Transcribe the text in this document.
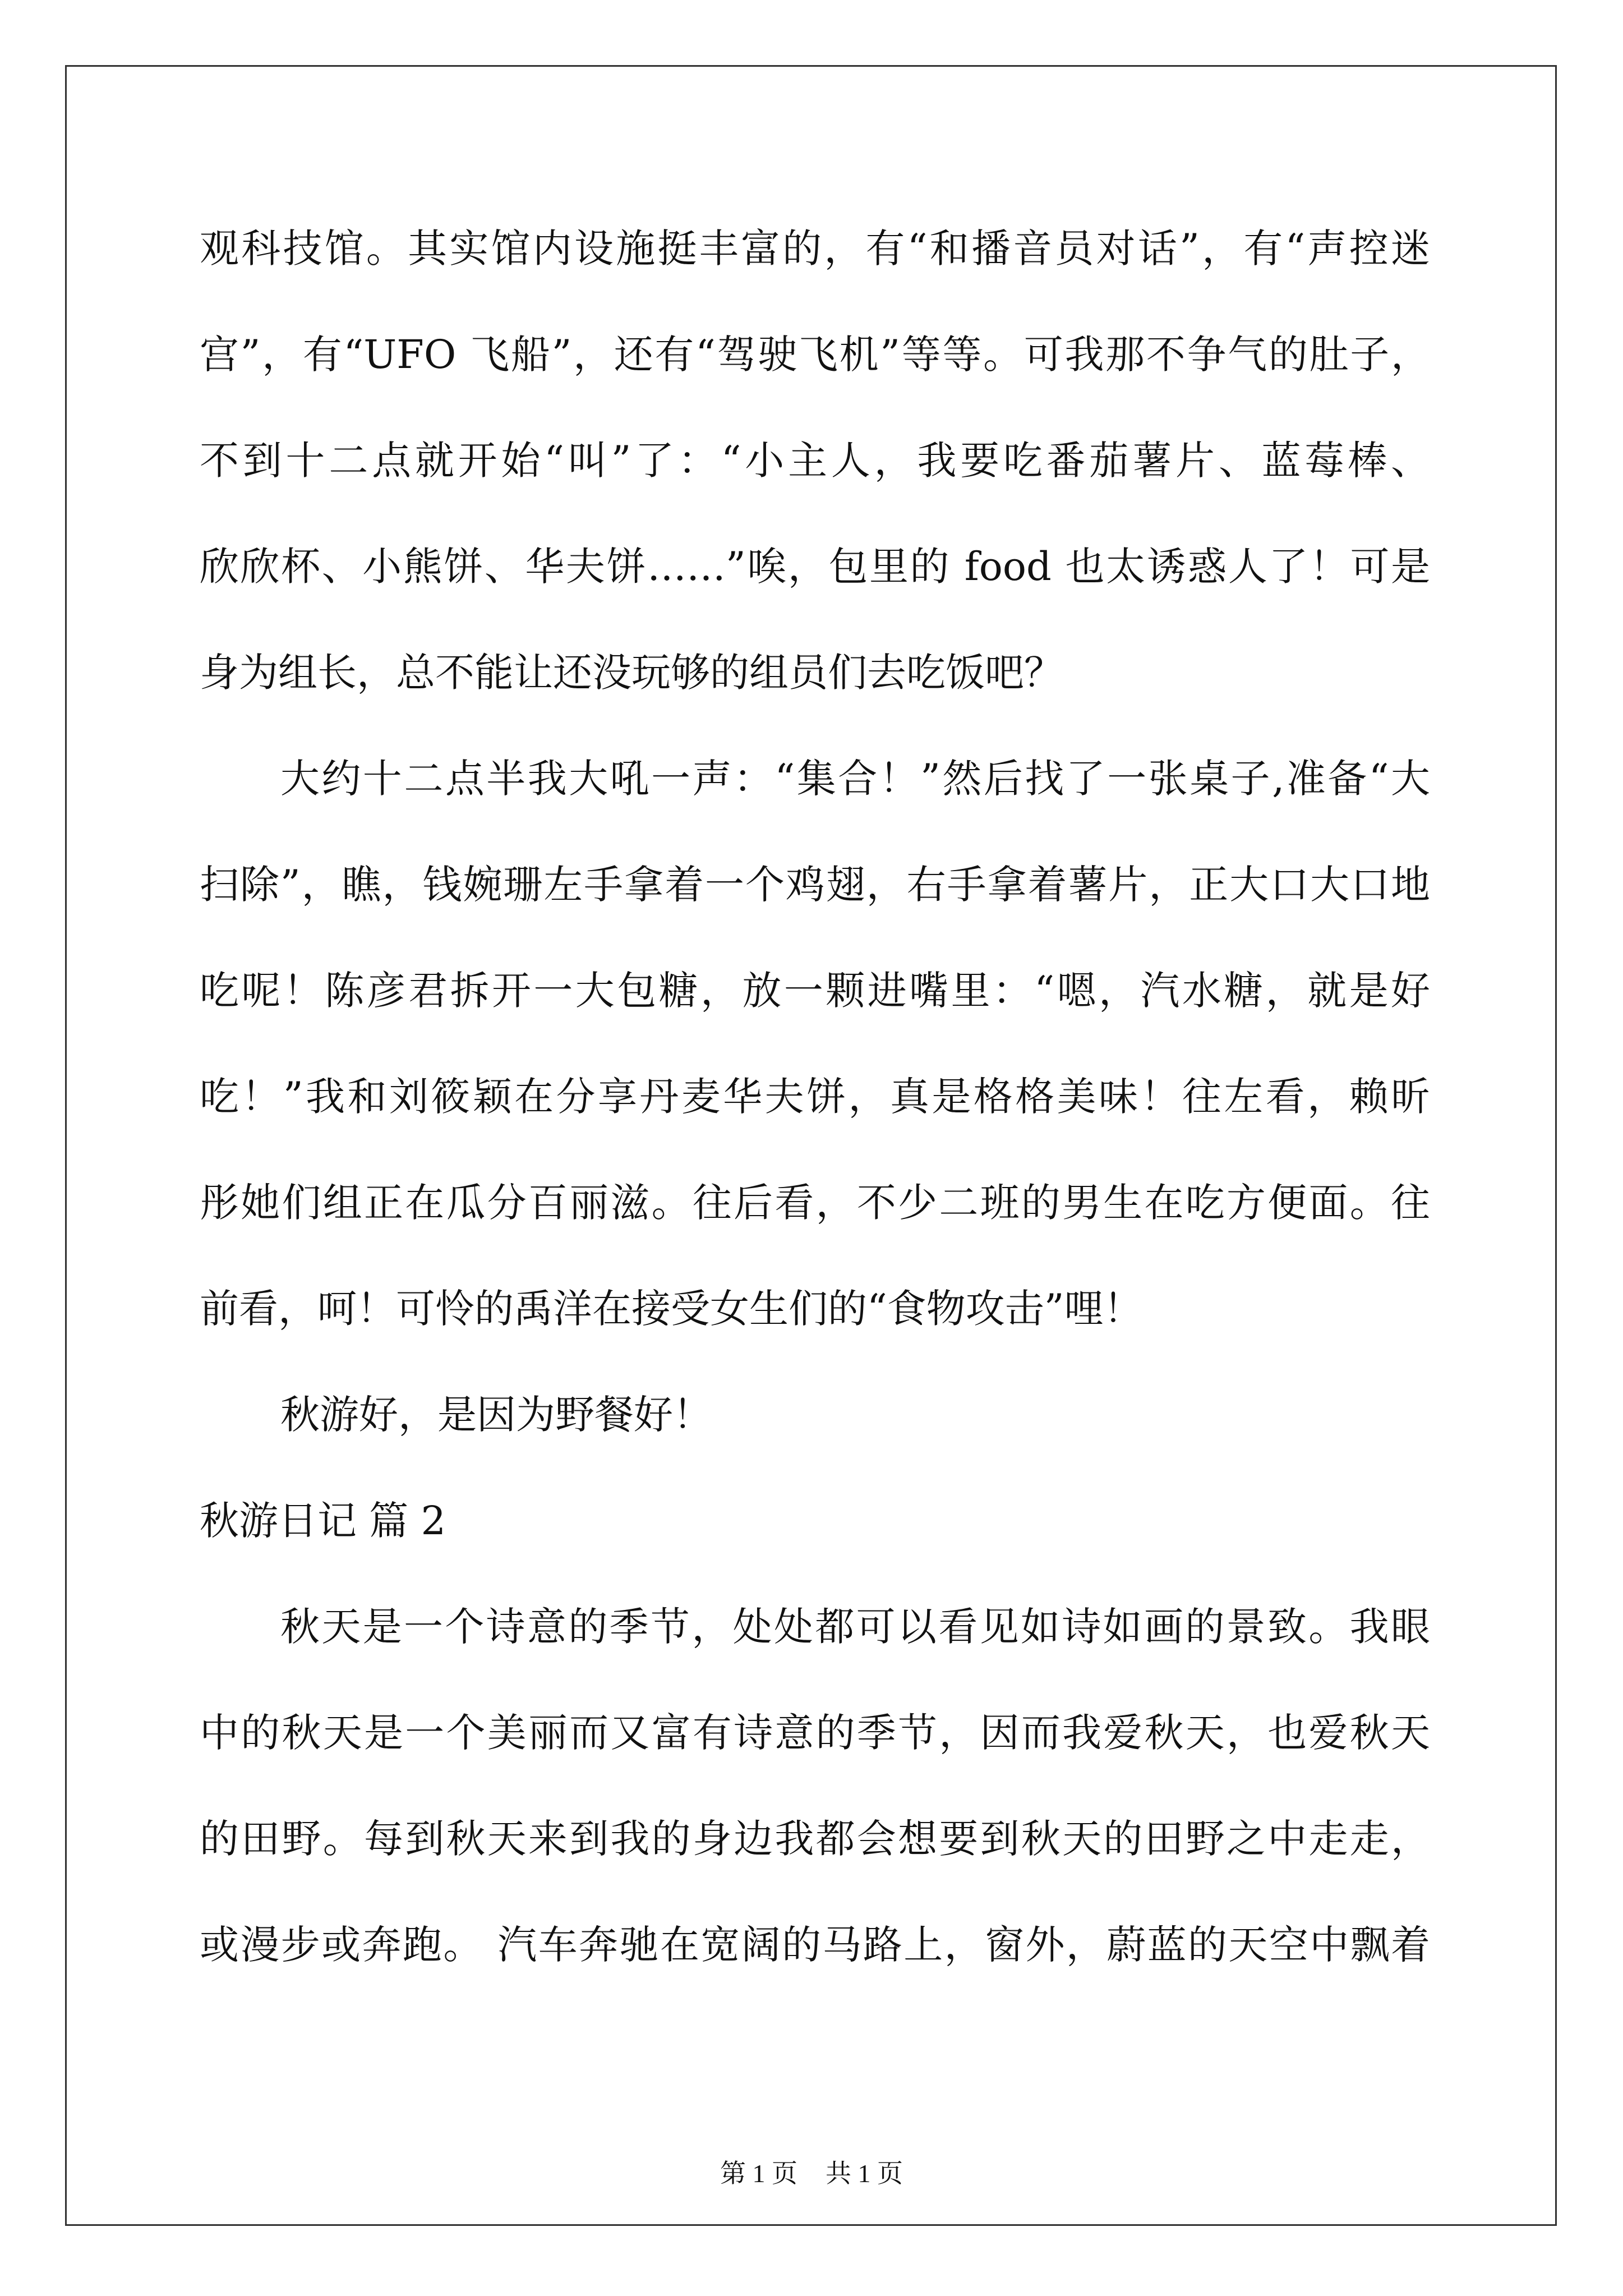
观科技馆。其实馆内设施挺丰富的，有“和播音员对话”，有“声控迷
宫”，有“UFO 飞船”，还有“驾驶飞机”等等。可我那不争气的肚子，
不到十二点就开始“叫”了：“小主人，我要吃番茄薯片、蓝莓棒、
欣欣杯、小熊饼、华夫饼……”唉，包里的 food 也太诱惑人了！可是
身为组长，总不能让还没玩够的组员们去吃饭吧？
大约十二点半我大吼一声：“集合！”然后找了一张桌子,准备“大
扫除”，瞧，钱婉珊左手拿着一个鸡翅，右手拿着薯片，正大口大口地
吃呢！陈彦君拆开一大包糖，放一颗进嘴里：“嗯，汽水糖，就是好
吃！”我和刘筱颖在分享丹麦华夫饼，真是格格美味！往左看，赖昕
彤她们组正在瓜分百丽滋。往后看，不少二班的男生在吃方便面。往
前看，呵！可怜的禹洋在接受女生们的“食物攻击”哩！
秋游好，是因为野餐好！
秋游日记 篇 2
秋天是一个诗意的季节，处处都可以看见如诗如画的景致。我眼
中的秋天是一个美丽而又富有诗意的季节，因而我爱秋天，也爱秋天
的田野。每到秋天来到我的身边我都会想要到秋天的田野之中走走，
或漫步或奔跑。 汽车奔驰在宽阔的马路上，窗外，蔚蓝的天空中飘着
第 1 页 共 1 页
